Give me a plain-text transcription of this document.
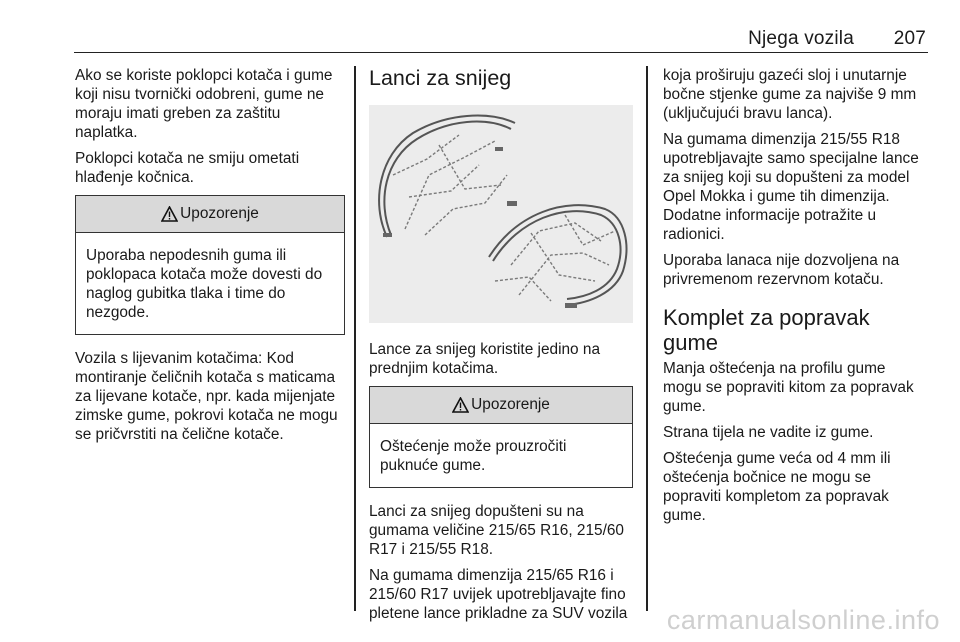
Njega vozila 207

Ako se koriste poklopci kotača i gume koji nisu tvornički odobreni, gume ne moraju imati greben za zaštitu naplatka.

Poklopci kotača ne smiju ometati hlađenje kočnica.

Upozorenje
Uporaba nepodesnih guma ili poklopaca kotača može dovesti do naglog gubitka tlaka i time do nezgode.

Vozila s lijevanim kotačima: Kod montiranje čeličnih kotača s maticama za lijevane kotače, npr. kada mijenjate zimske gume, pokrovi kotača ne mogu se pričvrstiti na čelične kotače.

Lanci za snijeg

Lance za snijeg koristite jedino na prednjim kotačima.

Upozorenje
Oštećenje može prouzročiti puknuće gume.

Lanci za snijeg dopušteni su na gumama veličine 215/65 R16, 215/60 R17 i 215/55 R18.

Na gumama dimenzija 215/65 R16 i 215/60 R17 uvijek upotrebljavajte fino pletene lance prikladne za SUV vozila

koja proširuju gazeći sloj i unutarnje bočne stjenke gume za najviše 9 mm (uključujući bravu lanca).

Na gumama dimenzija 215/55 R18 upotrebljavajte samo specijalne lance za snijeg koji su dopušteni za model Opel Mokka i gume tih dimenzija. Dodatne informacije potražite u radionici.

Uporaba lanaca nije dozvoljena na privremenom rezervnom kotaču.

Komplet za popravak gume

Manja oštećenja na profilu gume mogu se popraviti kitom za popravak gume.

Strana tijela ne vadite iz gume.

Oštećenja gume veća od 4 mm ili oštećenja bočnice ne mogu se popraviti kompletom za popravak gume.

carmanualsonline.info
